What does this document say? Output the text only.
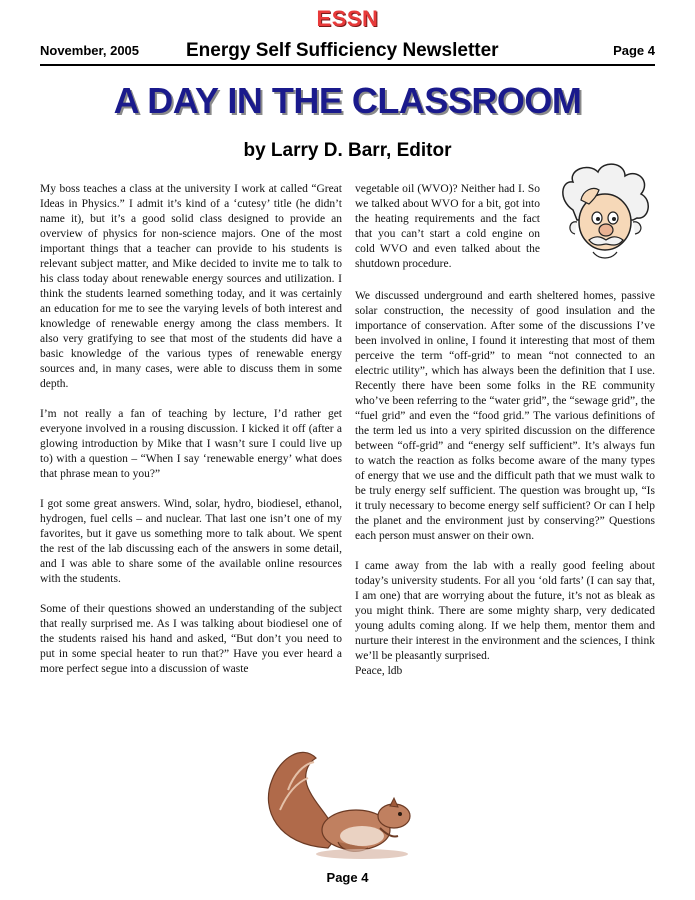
ESSN
November, 2005 Energy Self Sufficiency Newsletter	Page 4
A DAY IN THE CLASSROOM
by Larry D. Barr, Editor

My boss teaches a class at the university I work at called “Great Ideas in Physics.” I admit it’s kind of a ‘cutesy’ title (he didn’t name it), but it’s a good solid class designed to provide an overview of physics for non-science majors. One of the most important things that a teacher can provide to his students is relevant subject matter, and Mike decided to invite me to talk to his class today about renewable energy sources and utilization. I think the students learned something today, and it was certainly an education for me to see the varying levels of both interest and knowledge of renewable energy among the class members. It also very gratifying to see that most of the students did have a basic knowledge of the various types of renewable energy sources and, in many cases, were able to discuss them in some depth.

I’m not really a fan of teaching by lecture, I’d rather get everyone involved in a rousing discussion. I kicked it off (after a glowing introduction by Mike that I wasn’t sure I could live up to) with a question – “When I say ‘renewable energy’ what does that phrase mean to you?”

I got some great answers. Wind, solar, hydro, biodiesel, ethanol, hydrogen, fuel cells – and nuclear. That last one isn’t one of my favorites, but it gave us something more to talk about. We spent the rest of the lab discussing each of the answers in some detail, and I was able to share some of the available online resources with the students.

Some of their questions showed an understanding of the subject that really surprised me. As I was talking about biodiesel one of the students raised his hand and asked, “But don’t you need to put in some special heater to run that?” Have you ever heard a more perfect segue into a discussion of waste

vegetable oil (WVO)? Neither had I. So we talked about WVO for a bit, got into the heating requirements and the fact that you can’t start a cold engine on cold WVO and even talked about the shutdown procedure.

We discussed underground and earth sheltered homes, passive solar construction, the necessity of good insulation and the importance of conservation. After some of the discussions I’ve been involved in online, I found it interesting that most of them perceive the term “off-grid” to mean “not connected to an electric utility”, which has always been the definition that I use. Recently there have been some folks in the RE community who’ve been referring to the “water grid”, the “sewage grid”, the “fuel grid” and even the “food grid.” The various definitions of the term led us into a very spirited discussion on the difference between “off-grid” and “energy self sufficient”. It’s always fun to watch the reaction as folks become aware of the many types of energy that we use and the difficult path that we must walk to be truly energy self sufficient. The question was brought up, “Is it truly necessary to become energy self sufficient? Or can I help the planet and the environment just by conserving?” Questions each person must answer on their own.

I came away from the lab with a really good feeling about today’s university students. For all you ‘old farts’ (I can say that, I am one) that are worrying about the future, it’s not as bleak as you might think. There are some mighty sharp, very dedicated young adults coming along. If we help them, mentor them and nurture their interest in the environment and the sciences, I think we’ll be pleasantly surprised.

Peace, ldb

Page 4
